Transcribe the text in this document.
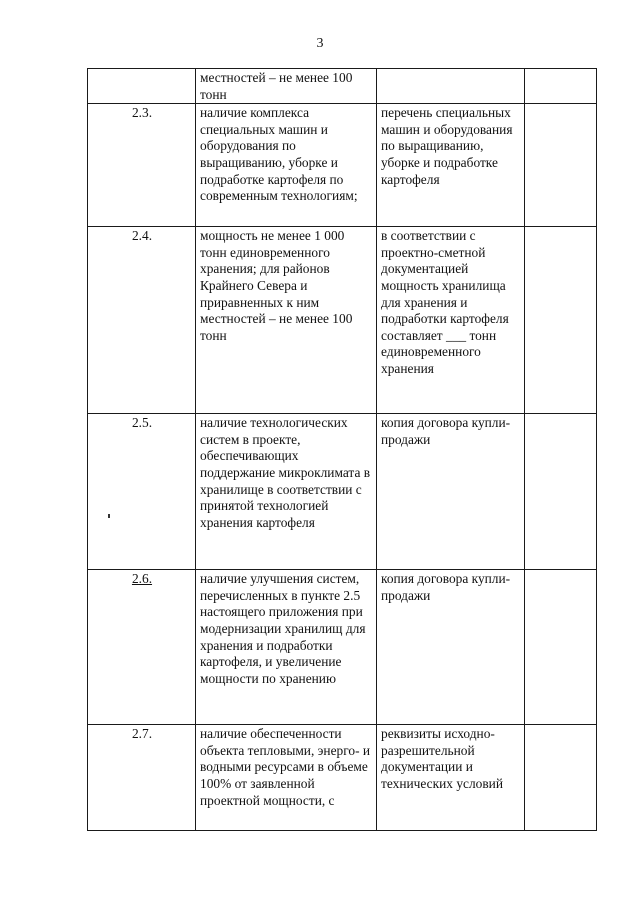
3
	местностей – не менее 100 тонн		
2.3.	наличие комплекса специальных машин и оборудования по выращиванию, уборке и подработке картофеля по современным технологиям;	перечень специальных машин и оборудования по выращиванию, уборке и подработке картофеля	
2.4.	мощность не менее 1 000 тонн единовременного хранения; для районов Крайнего Севера и приравненных к ним местностей – не менее 100 тонн	в соответствии с проектно-сметной документацией мощность хранилища для хранения и подработки картофеля составляет ___ тонн единовременного хранения	
2.5.	наличие технологических систем в проекте, обеспечивающих поддержание микроклимата в хранилище в соответствии с принятой технологией хранения картофеля	копия договора купли-продажи	
2.6.	наличие улучшения систем, перечисленных в пункте 2.5 настоящего приложения при модернизации хранилищ для хранения и подработки картофеля, и увеличение мощности по хранению	копия договора купли-продажи	
2.7.	наличие обеспеченности объекта тепловыми, энерго- и водными ресурсами в объеме 100% от заявленной проектной мощности, с	реквизиты исходно-разрешительной документации и технических условий	
